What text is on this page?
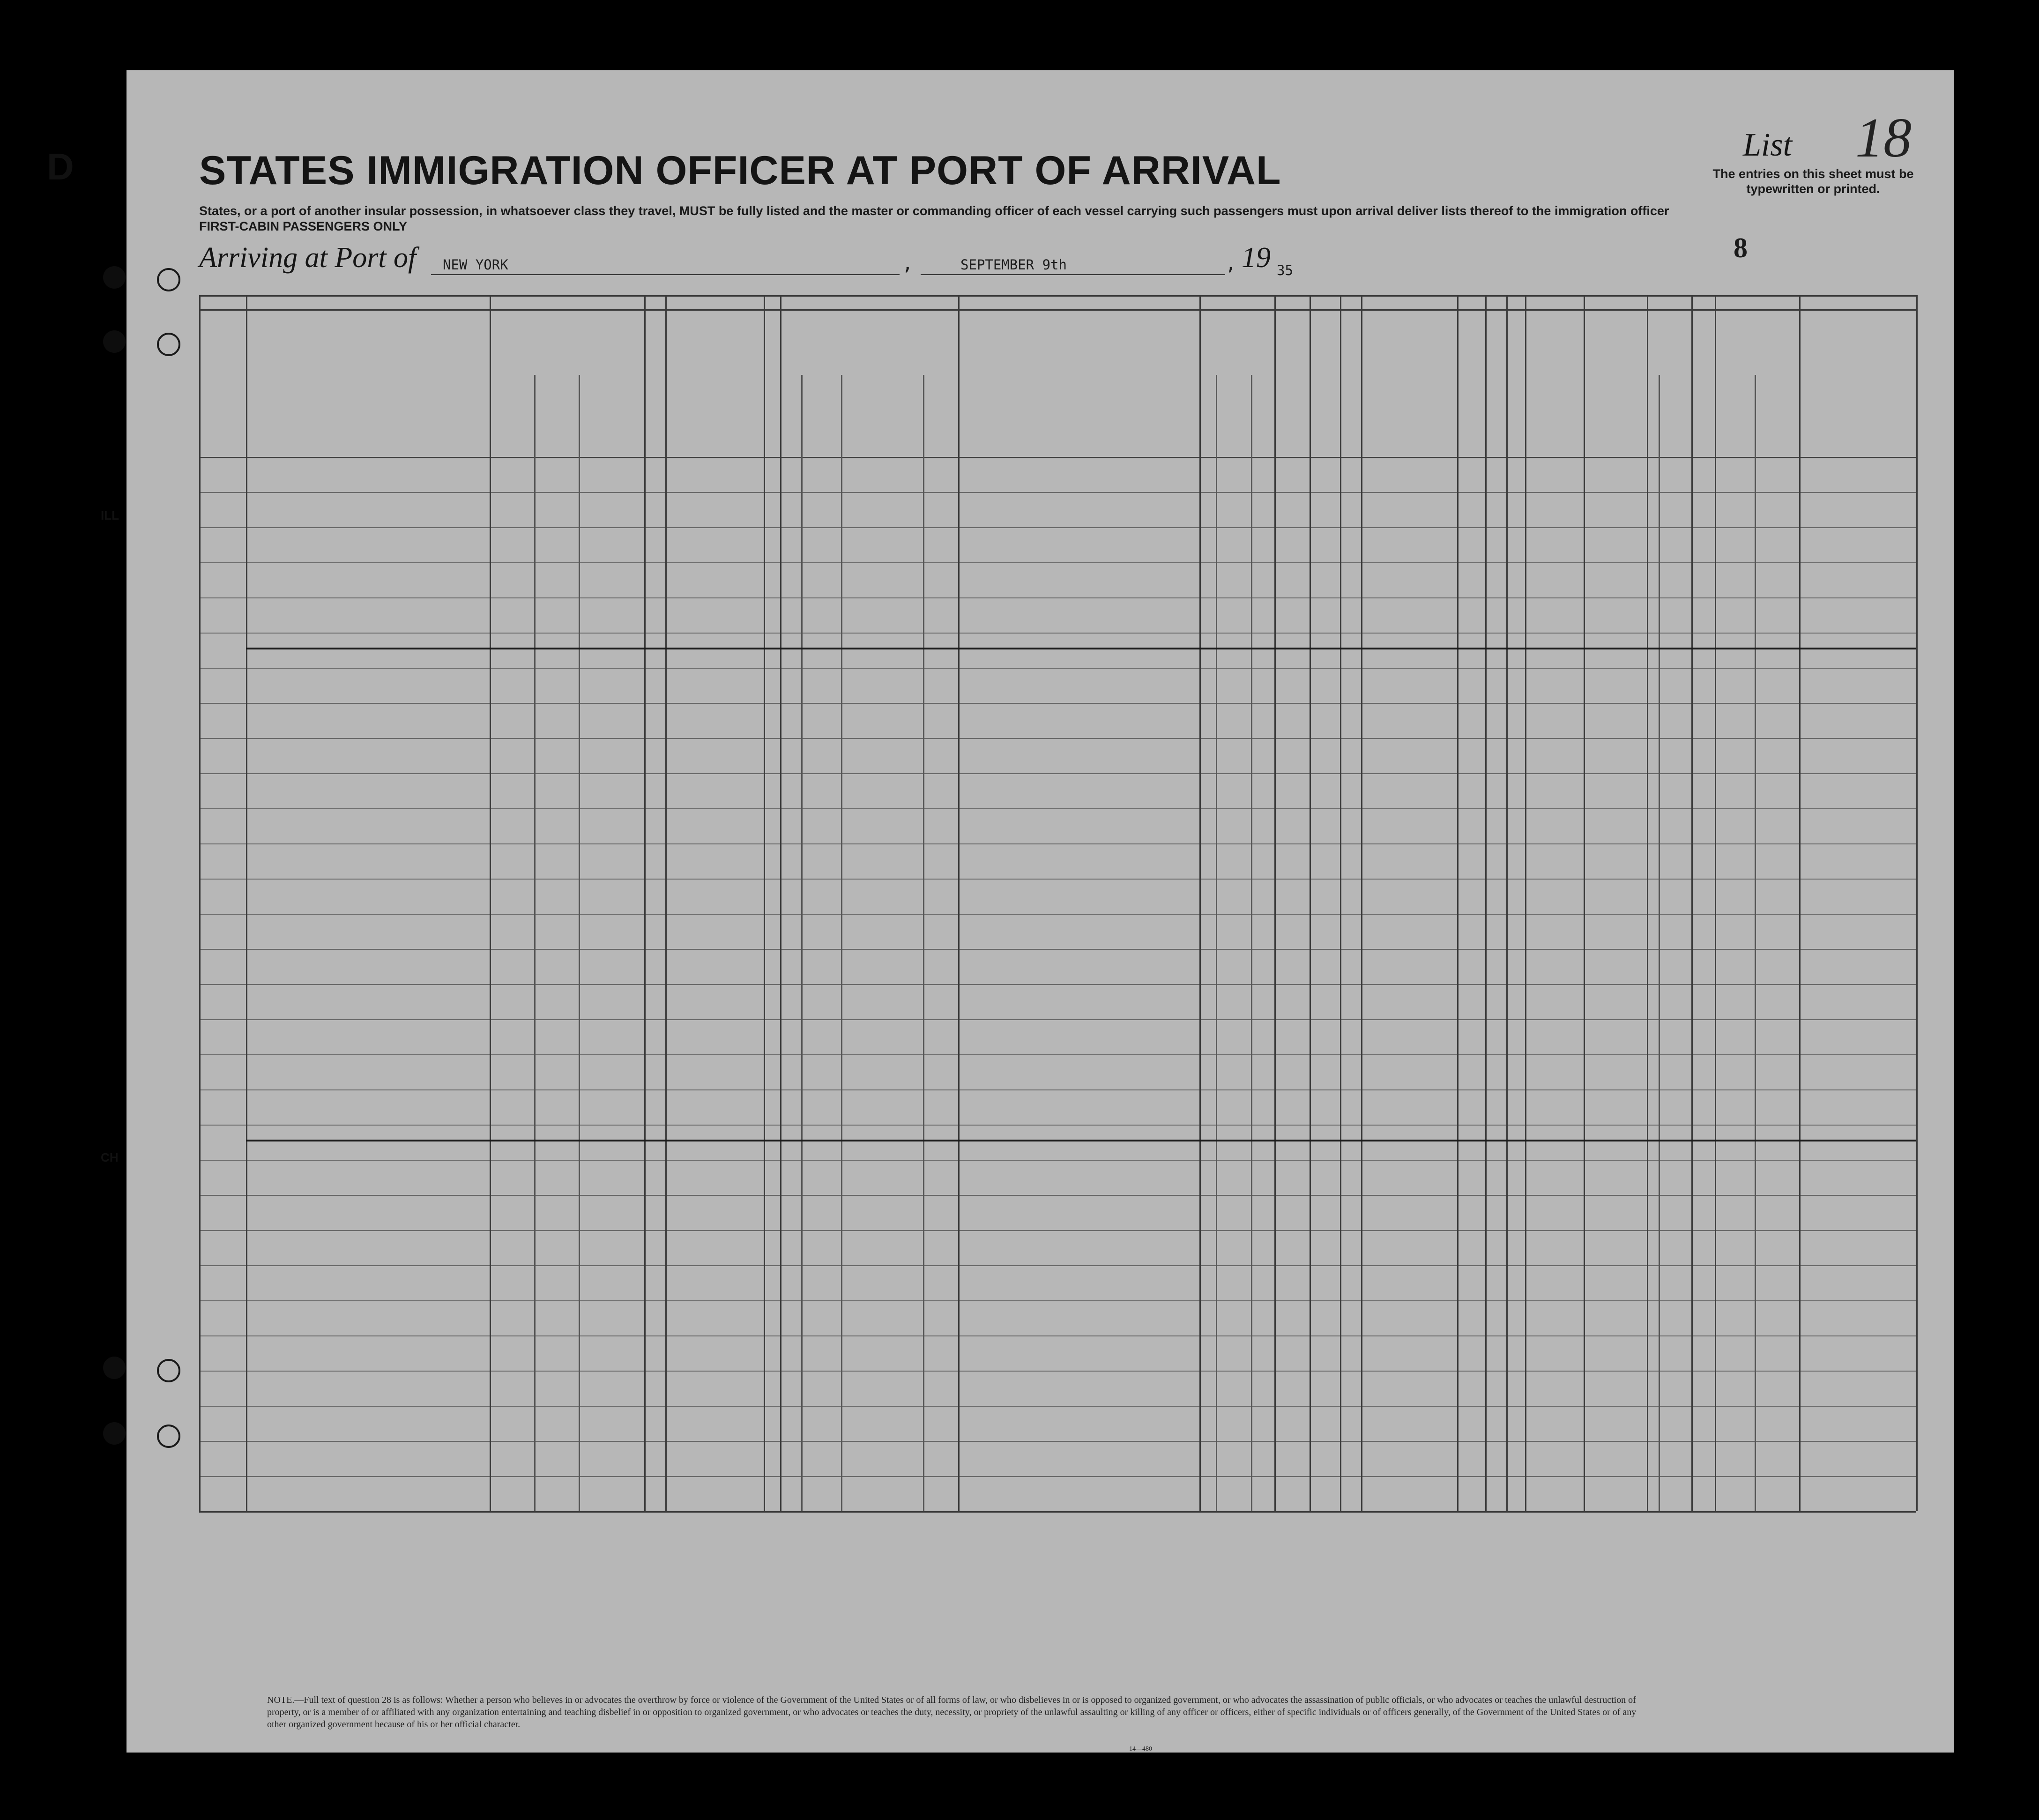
D
ILL
CH
STATES IMMIGRATION OFFICER AT PORT OF ARRIVAL
States, or a port of another insular possession, in whatsoever class they travel, MUST be fully listed and the master or commanding officer of each vessel carrying such passengers must upon arrival deliver lists thereof to the immigration officer
FIRST-CABIN PASSENGERS ONLY
List 18
The entries on this sheet must be typewritten or printed.
8
Arriving at Port of NEW YORK	,	SEPTEMBER 9th	, 19 35
NOTE.—Full text of question 28 is as follows: Whether a person who believes in or advocates the overthrow by force or violence of the Government of the United States or of all forms of law, or who disbelieves in or is opposed to organized government, or who advocates the assassination of public officials, or who advocates or teaches the unlawful destruction of property, or is a member of or affiliated with any organization entertaining and teaching disbelief in or opposition to organized government, or who advocates or teaches the duty, necessity, or propriety of the unlawful assaulting or killing of any officer or officers, either of specific individuals or of officers generally, of the Government of the United States or of any other organized government because of his or her official character.
14—480
